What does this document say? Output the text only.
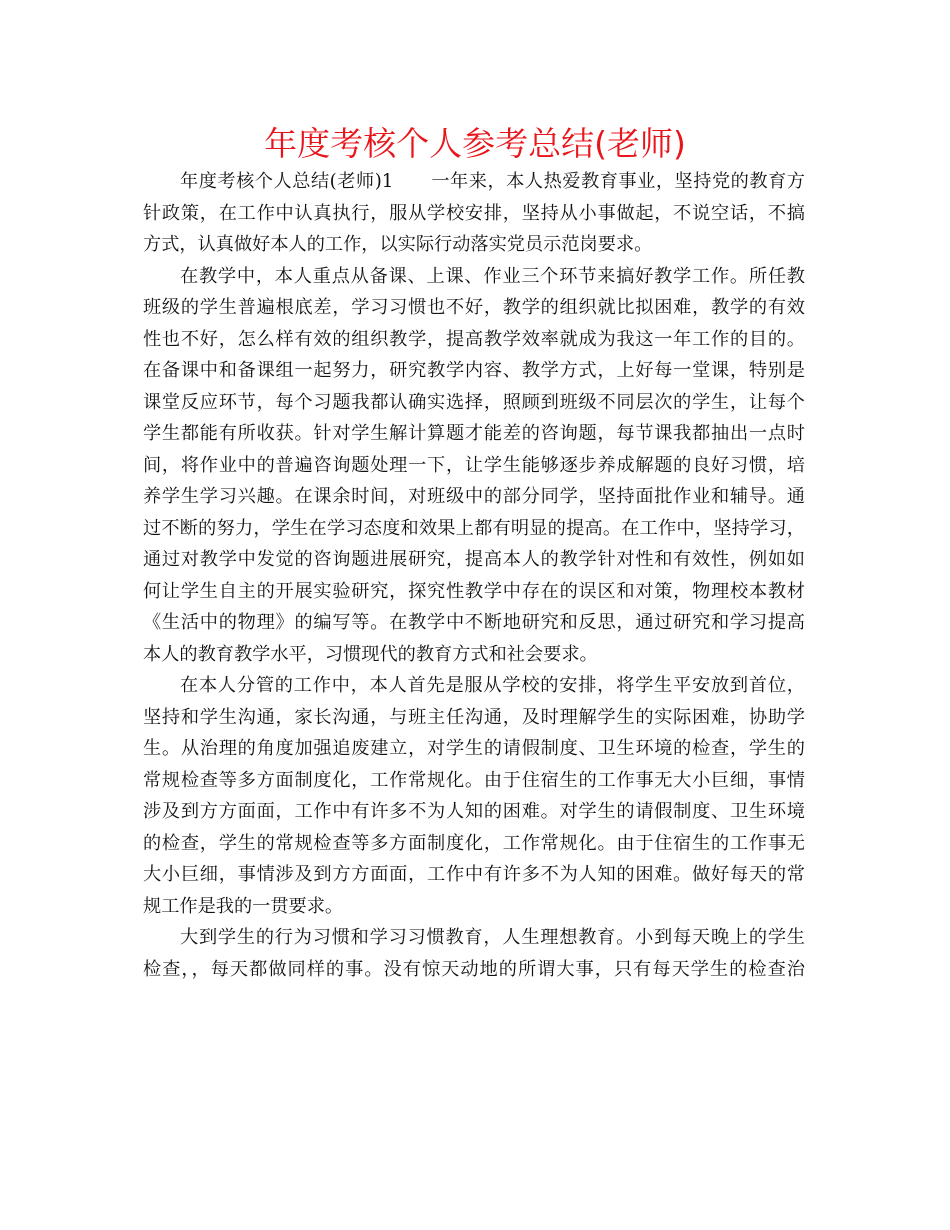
年度考核个人参考总结(老师)
年度考核个人总结(老师)1　　一年来，本人热爱教育事业，坚持党的教育方
针政策，在工作中认真执行，服从学校安排，坚持从小事做起，不说空话，不搞
方式，认真做好本人的工作，以实际行动落实党员示范岗要求。
在教学中，本人重点从备课、上课、作业三个环节来搞好教学工作。所任教
班级的学生普遍根底差，学习习惯也不好，教学的组织就比拟困难，教学的有效
性也不好，怎么样有效的组织教学，提高教学效率就成为我这一年工作的目的。
在备课中和备课组一起努力，研究教学内容、教学方式，上好每一堂课，特别是
课堂反应环节，每个习题我都认确实选择，照顾到班级不同层次的学生，让每个
学生都能有所收获。针对学生解计算题才能差的咨询题，每节课我都抽出一点时
间，将作业中的普遍咨询题处理一下，让学生能够逐步养成解题的良好习惯，培
养学生学习兴趣。在课余时间，对班级中的部分同学，坚持面批作业和辅导。通
过不断的努力，学生在学习态度和效果上都有明显的提高。在工作中，坚持学习，
通过对教学中发觉的咨询题进展研究，提高本人的教学针对性和有效性，例如如
何让学生自主的开展实验研究，探究性教学中存在的误区和对策，物理校本教材
《生活中的物理》的编写等。在教学中不断地研究和反思，通过研究和学习提高
本人的教育教学水平，习惯现代的教育方式和社会要求。
在本人分管的工作中，本人首先是服从学校的安排，将学生平安放到首位，
坚持和学生沟通，家长沟通，与班主任沟通，及时理解学生的实际困难，协助学
生。从治理的角度加强追废建立，对学生的请假制度、卫生环境的检查，学生的
常规检查等多方面制度化，工作常规化。由于住宿生的工作事无大小巨细，事情
涉及到方方面面，工作中有许多不为人知的困难。对学生的请假制度、卫生环境
的检查，学生的常规检查等多方面制度化，工作常规化。由于住宿生的工作事无
大小巨细，事情涉及到方方面面，工作中有许多不为人知的困难。做好每天的常
规工作是我的一贯要求。
大到学生的行为习惯和学习习惯教育，人生理想教育。小到每天晚上的学生
检查，，每天都做同样的事。没有惊天动地的所谓大事，只有每天学生的检查治
